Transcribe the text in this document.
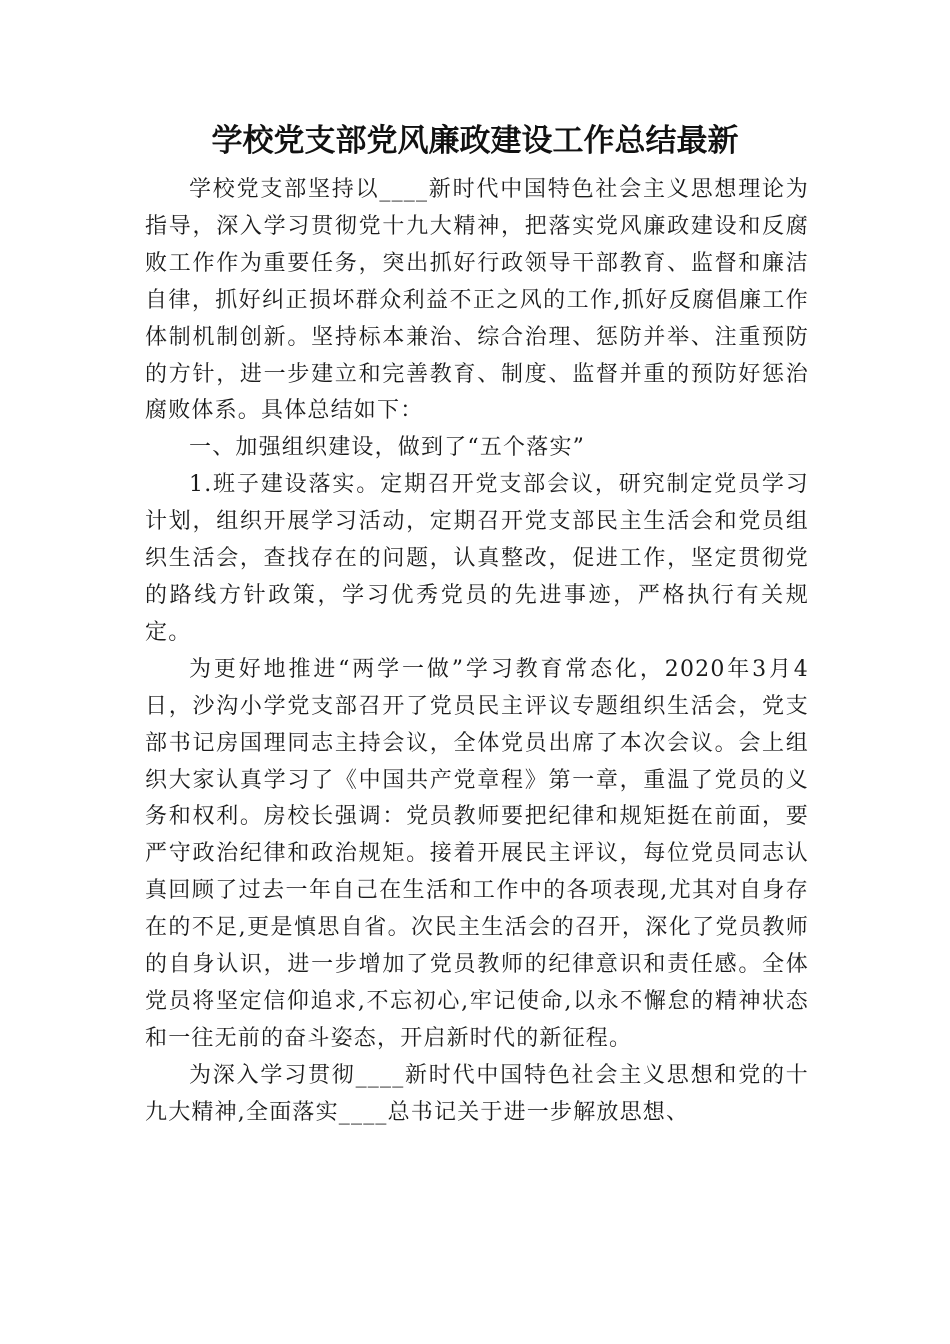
学校党支部党风廉政建设工作总结最新

学校党支部坚持以____新时代中国特色社会主义思想理论为指导，深入学习贯彻党十九大精神，把落实党风廉政建设和反腐败工作作为重要任务，突出抓好行政领导干部教育、监督和廉洁自律，抓好纠正损坏群众利益不正之风的工作,抓好反腐倡廉工作体制机制创新。坚持标本兼治、综合治理、惩防并举、注重预防的方针，进一步建立和完善教育、制度、监督并重的预防好惩治腐败体系。具体总结如下：

一、加强组织建设，做到了“五个落实”

1.班子建设落实。定期召开党支部会议，研究制定党员学习计划，组织开展学习活动，定期召开党支部民主生活会和党员组织生活会，查找存在的问题，认真整改，促进工作，坚定贯彻党的路线方针政策，学习优秀党员的先进事迹，严格执行有关规定。

为更好地推进“两学一做”学习教育常态化，2020年3月4日，沙沟小学党支部召开了党员民主评议专题组织生活会，党支部书记房国理同志主持会议，全体党员出席了本次会议。会上组织大家认真学习了《中国共产党章程》第一章，重温了党员的义务和权利。房校长强调：党员教师要把纪律和规矩挺在前面，要严守政治纪律和政治规矩。接着开展民主评议，每位党员同志认真回顾了过去一年自己在生活和工作中的各项表现,尤其对自身存在的不足,更是慎思自省。次民主生活会的召开，深化了党员教师的自身认识，进一步增加了党员教师的纪律意识和责任感。全体党员将坚定信仰追求,不忘初心,牢记使命,以永不懈怠的精神状态和一往无前的奋斗姿态，开启新时代的新征程。

为深入学习贯彻____新时代中国特色社会主义思想和党的十九大精神,全面落实____总书记关于进一步解放思想、
